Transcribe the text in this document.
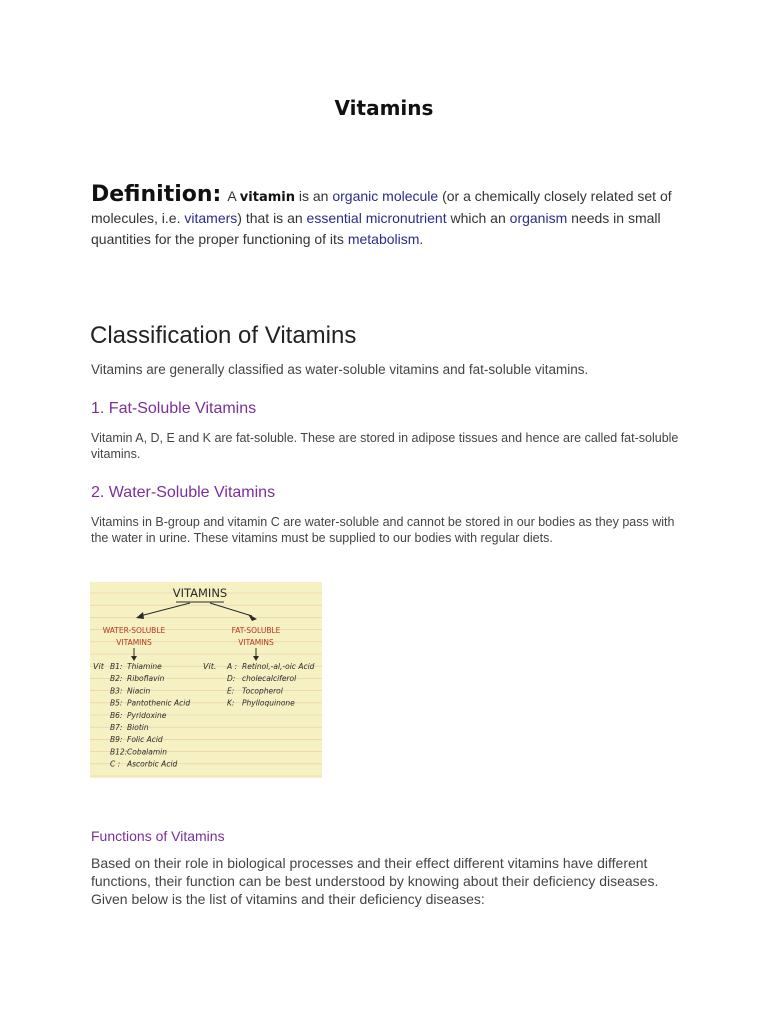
Vitamins
Definition: A vitamin is an organic molecule (or a chemically closely related set of molecules, i.e. vitamers) that is an essential micronutrient which an organism needs in small quantities for the proper functioning of its metabolism.
Classification of Vitamins
Vitamins are generally classified as water-soluble vitamins and fat-soluble vitamins.
1. Fat-Soluble Vitamins
Vitamin A, D, E and K are fat-soluble. These are stored in adipose tissues and hence are called fat-soluble vitamins.
2. Water-Soluble Vitamins
Vitamins in B-group and vitamin C are water-soluble and cannot be stored in our bodies as they pass with the water in urine. These vitamins must be supplied to our bodies with regular diets.
VITAMINS
WATER-SOLUBLE
VITAMINS
FAT-SOLUBLE
VITAMINS
Vit	Vit.
B1: Thiamine
B2: Riboflavin
B3: Niacin
B5: Pantothenic Acid
B6: Pyridoxine
B7: Biotin
B9: Folic Acid
B12: Cobalamin
C : Ascorbic Acid
A : Retinol,-al,-oic Acid
D: cholecalciferol
E: Tocopherol
K: Phylloquinone
Functions of Vitamins
Based on their role in biological processes and their effect different vitamins have different functions, their function can be best understood by knowing about their deficiency diseases. Given below is the list of vitamins and their deficiency diseases:
